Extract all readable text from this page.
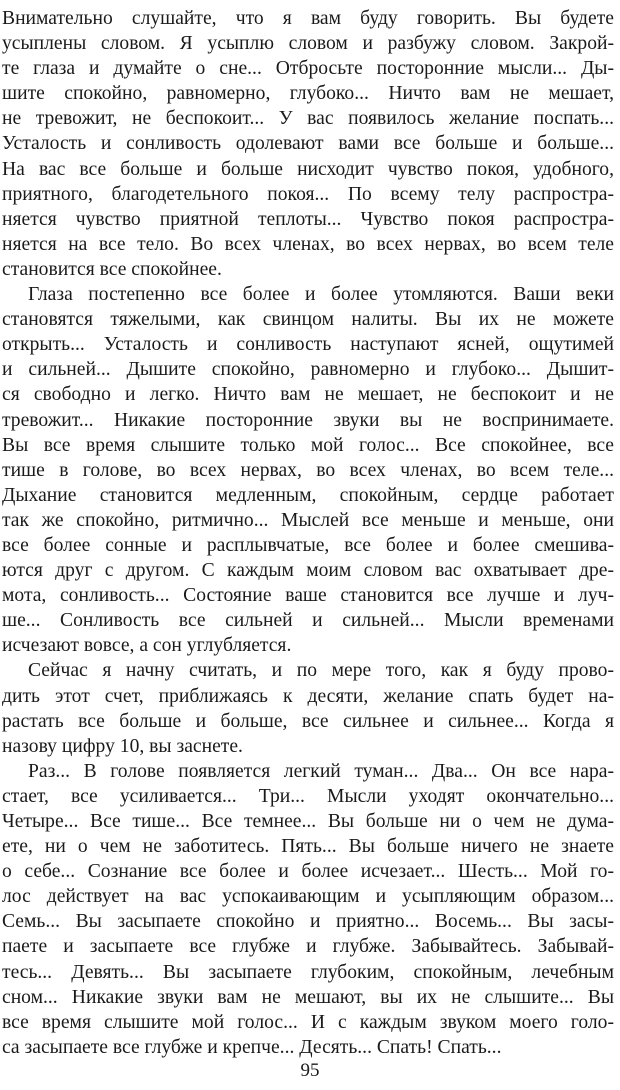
Внимательно слушайте, что я вам буду говорить. Вы будете
усыплены словом. Я усыплю словом и разбужу словом. Закрой-
те глаза и думайте о сне... Отбросьте посторонние мысли... Ды-
шите спокойно, равномерно, глубоко... Ничто вам не мешает,
не тревожит, не беспокоит... У вас появилось желание поспать...
Усталость и сонливость одолевают вами все больше и больше...
На вас все больше и больше нисходит чувство покоя, удобного,
приятного, благодетельного покоя... По всему телу распростра-
няется чувство приятной теплоты... Чувство покоя распростра-
няется на все тело. Во всех членах, во всех нервах, во всем теле
становится все спокойнее.
Глаза постепенно все более и более утомляются. Ваши веки
становятся тяжелыми, как свинцом налиты. Вы их не можете
открыть... Усталость и сонливость наступают ясней, ощутимей
и сильней... Дышите спокойно, равномерно и глубоко... Дышит-
ся свободно и легко. Ничто вам не мешает, не беспокоит и не
тревожит... Никакие посторонние звуки вы не воспринимаете.
Вы все время слышите только мой голос... Все спокойнее, все
тише в голове, во всех нервах, во всех членах, во всем теле...
Дыхание становится медленным, спокойным, сердце работает
так же спокойно, ритмично... Мыслей все меньше и меньше, они
все более сонные и расплывчатые, все более и более смешива-
ются друг с другом. С каждым моим словом вас охватывает дре-
мота, сонливость... Состояние ваше становится все лучше и луч-
ше... Сонливость все сильней и сильней... Мысли временами
исчезают вовсе, а сон углубляется.
Сейчас я начну считать, и по мере того, как я буду прово-
дить этот счет, приближаясь к десяти, желание спать будет на-
растать все больше и больше, все сильнее и сильнее... Когда я
назову цифру 10, вы заснете.
Раз... В голове появляется легкий туман... Два... Он все нара-
стает, все усиливается... Три... Мысли уходят окончательно...
Четыре... Все тише... Все темнее... Вы больше ни о чем не дума-
ете, ни о чем не заботитесь. Пять... Вы больше ничего не знаете
о себе... Сознание все более и более исчезает... Шесть... Мой го-
лос действует на вас успокаивающим и усыпляющим образом...
Семь... Вы засыпаете спокойно и приятно... Восемь... Вы засы-
паете и засыпаете все глубже и глубже. Забывайтесь. Забывай-
тесь... Девять... Вы засыпаете глубоким, спокойным, лечебным
сном... Никакие звуки вам не мешают, вы их не слышите... Вы
все время слышите мой голос... И с каждым звуком моего голо-
са засыпаете все глубже и крепче... Десять... Спать! Спать...
95
